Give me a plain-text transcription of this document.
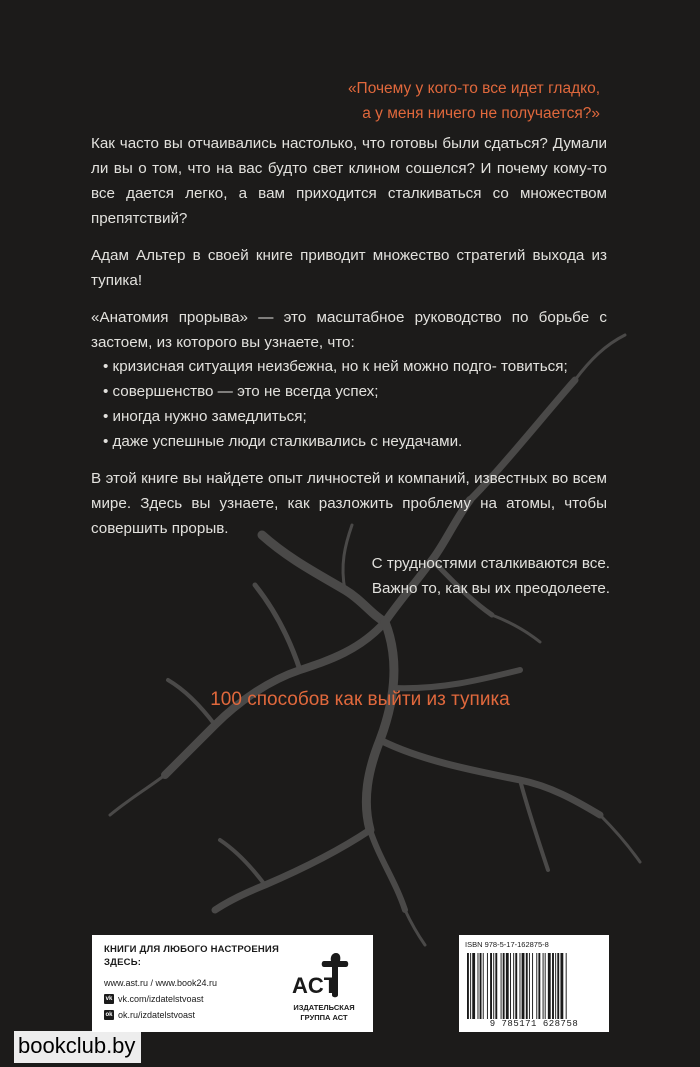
«Почему у кого-то все идет гладко,
а у меня ничего не получается?»
Как часто вы отчаивались настолько, что готовы были сдаться? Думали ли вы о том, что на вас будто свет клином сошелся? И почему кому-то все дается легко, а вам приходится сталкиваться со множеством препятствий?
Адам Альтер в своей книге приводит множество стратегий выхода из тупика!
«Анатомия прорыва» — это масштабное руководство по борьбе с застоем, из которого вы узнаете, что:
• кризисная ситуация неизбежна, но к ней можно подго- товиться;
• совершенство — это не всегда успех;
• иногда нужно замедлиться;
• даже успешные люди сталкивались с неудачами.
В этой книге вы найдете опыт личностей и компаний, известных во всем мире. Здесь вы узнаете, как разложить проблему на атомы, чтобы совершить прорыв.
С трудностями сталкиваются все.
Важно то, как вы их преодолеете.
100 способов как выйти из тупика
КНИГИ ДЛЯ ЛЮБОГО НАСТРОЕНИЯ ЗДЕСЬ:
www.ast.ru / www.book24.ru
vk vk.com/izdatelstvoast
ok ok.ru/izdatelstvoast
ACT
ИЗДАТЕЛЬСКАЯ ГРУППА АСТ
ISBN 978-5-17-162875-8
9 785171 628758
bookclub.by
